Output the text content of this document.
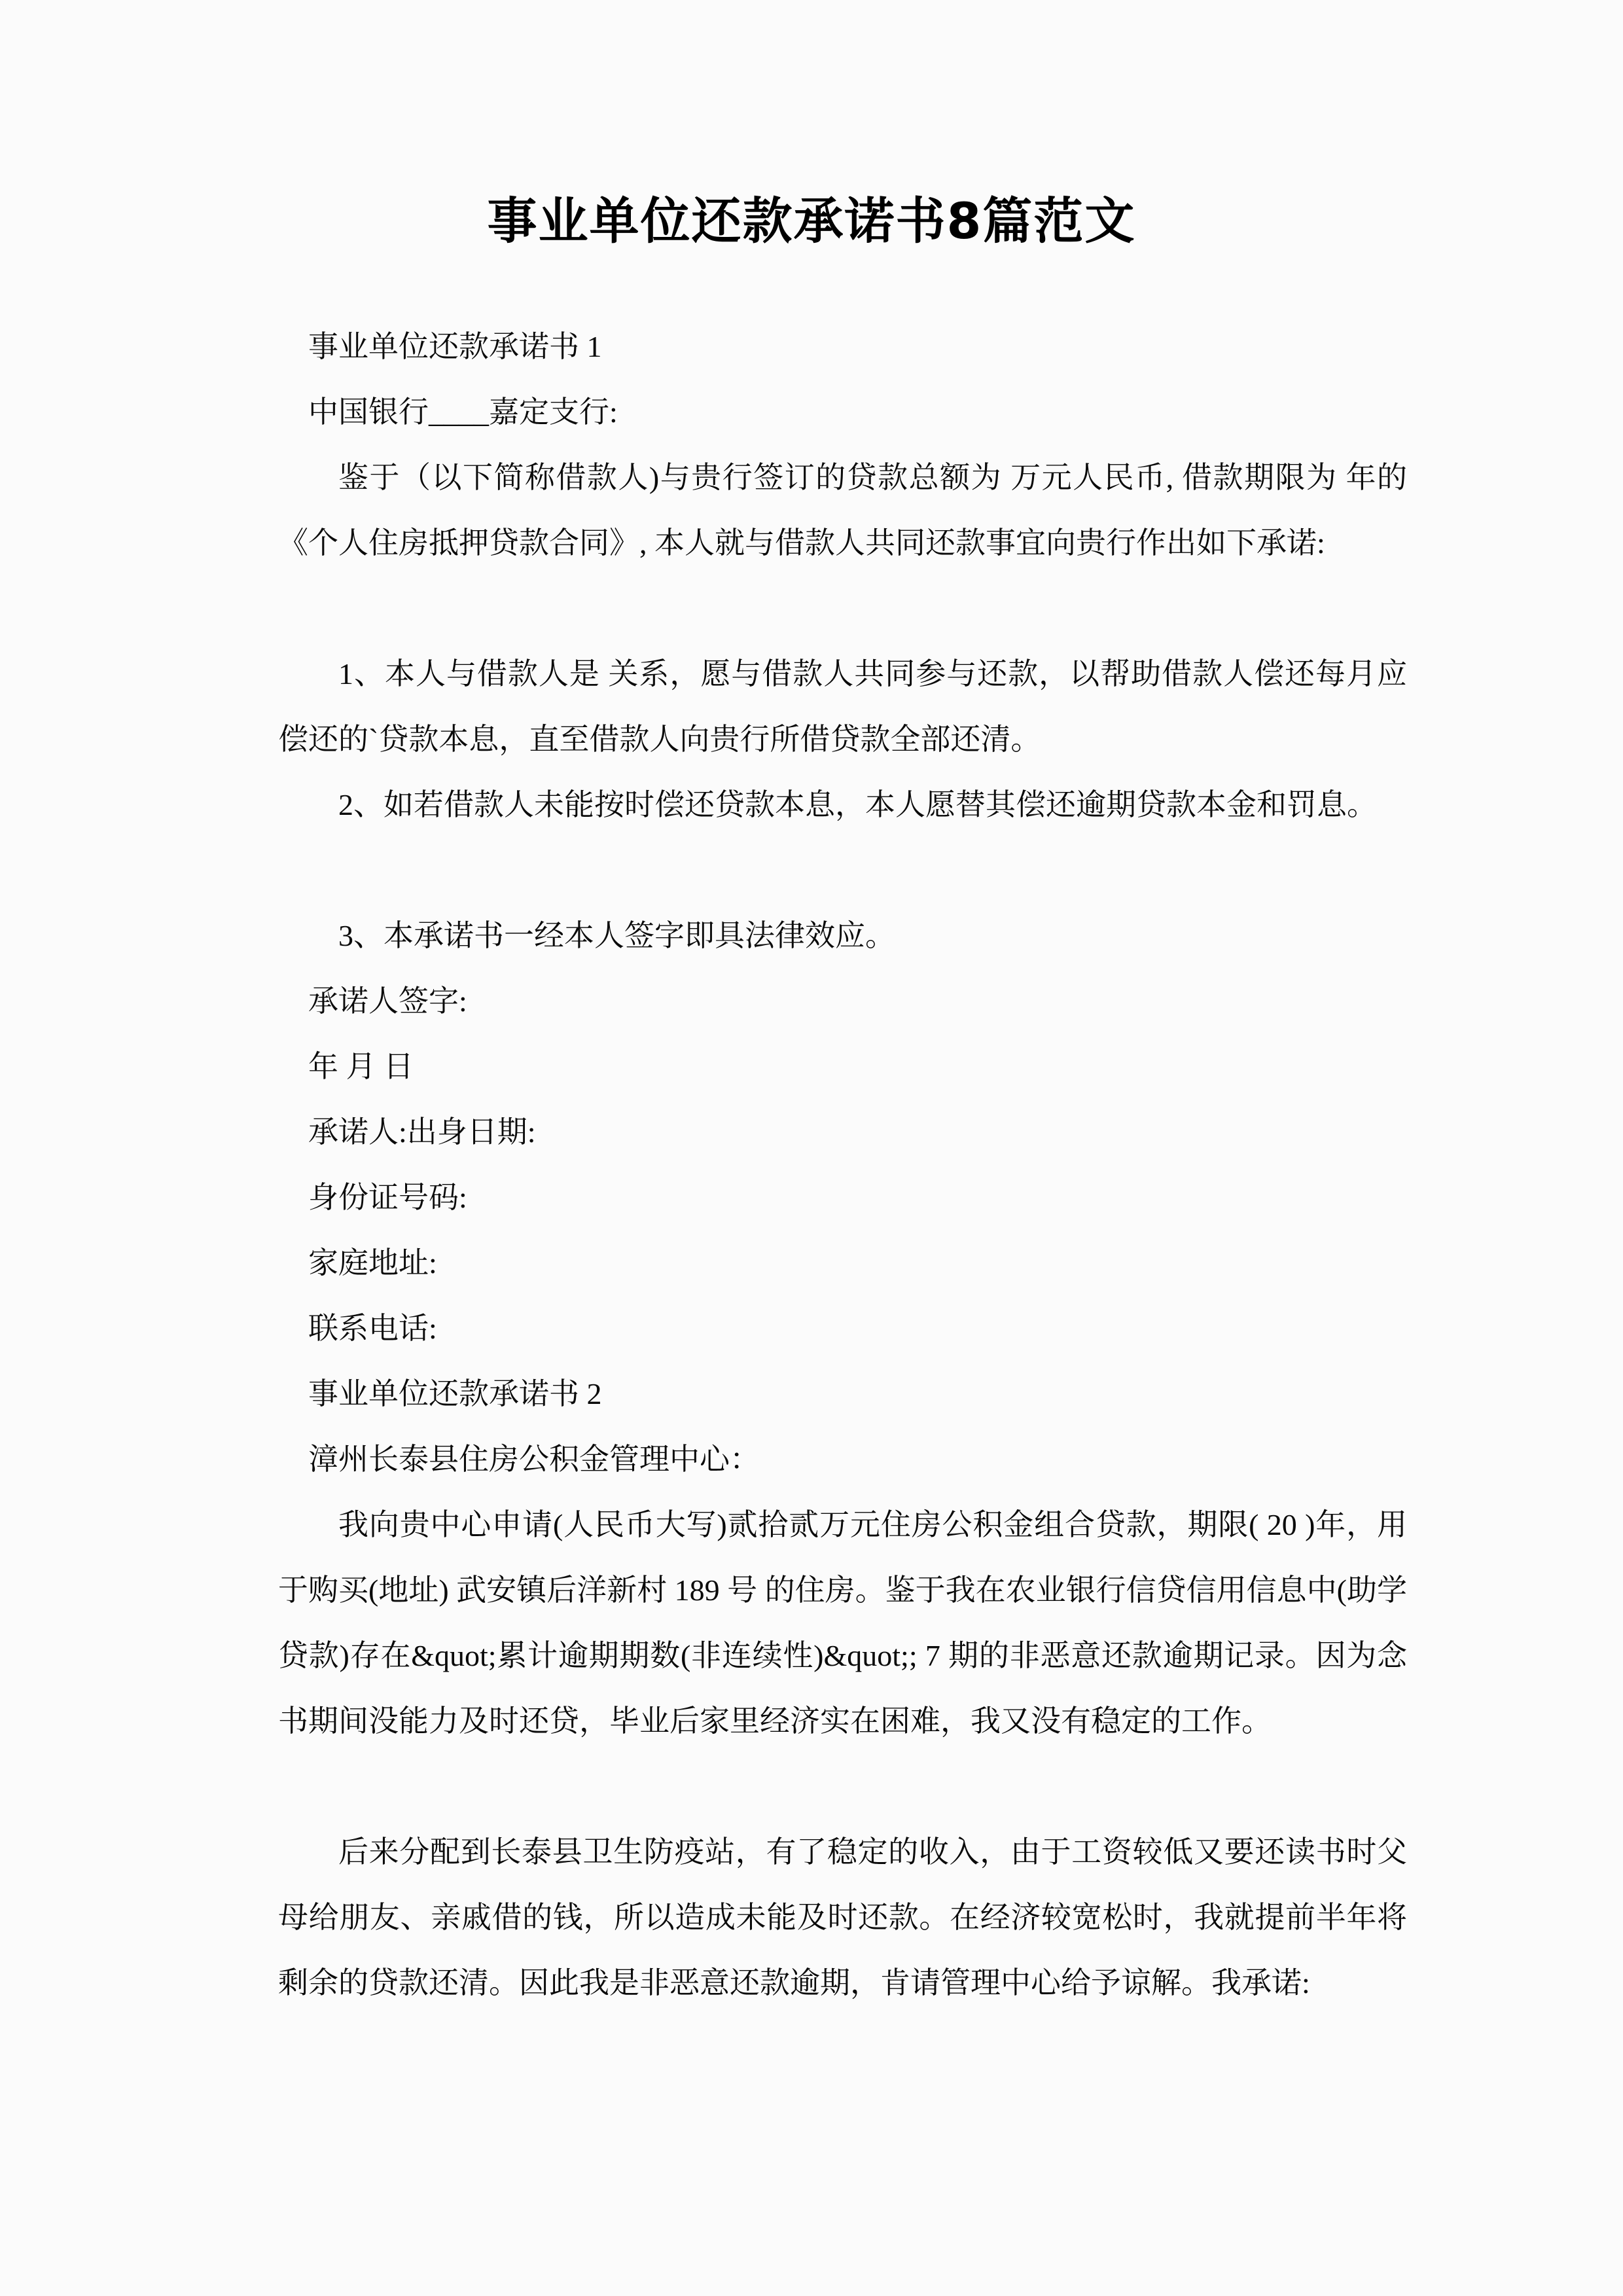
事业单位还款承诺书8篇范文

事业单位还款承诺书 1

中国银行____嘉定支行:

鉴于（以下简称借款人)与贵行签订的贷款总额为 万元人民币, 借款期限为 年的《个人住房抵押贷款合同》, 本人就与借款人共同还款事宜向贵行作出如下承诺:

1、本人与借款人是 关系，愿与借款人共同参与还款，以帮助借款人偿还每月应偿还的`贷款本息，直至借款人向贵行所借贷款全部还清。

2、如若借款人未能按时偿还贷款本息，本人愿替其偿还逾期贷款本金和罚息。

3、本承诺书一经本人签字即具法律效应。

承诺人签字:

年 月 日

承诺人:出身日期:

身份证号码:

家庭地址:

联系电话:

事业单位还款承诺书 2

漳州长泰县住房公积金管理中心：

我向贵中心申请(人民币大写)贰拾贰万元住房公积金组合贷款，期限( 20 )年，用于购买(地址) 武安镇后洋新村 189 号 的住房。鉴于我在农业银行信贷信用信息中(助学贷款)存在&quot;累计逾期期数(非连续性)&quot;; 7 期的非恶意还款逾期记录。因为念书期间没能力及时还贷，毕业后家里经济实在困难，我又没有稳定的工作。

后来分配到长泰县卫生防疫站，有了稳定的收入，由于工资较低又要还读书时父母给朋友、亲戚借的钱，所以造成未能及时还款。在经济较宽松时，我就提前半年将剩余的贷款还清。因此我是非恶意还款逾期，肯请管理中心给予谅解。我承诺:
